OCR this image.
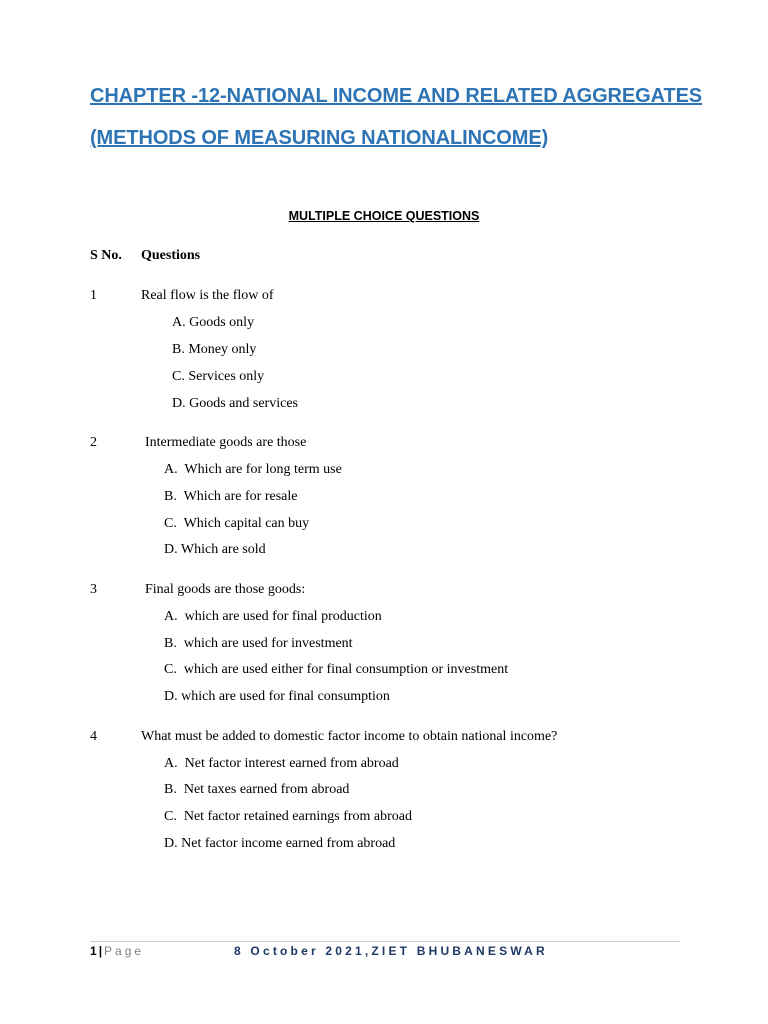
CHAPTER -12-NATIONAL INCOME AND RELATED AGGREGATES
(METHODS OF MEASURING NATIONALINCOME)
MULTIPLE CHOICE QUESTIONS
S No. Questions
1	Real flow is the flow of
A. Goods only
B. Money only
C. Services only
D. Goods and services
2	Intermediate goods are those
A. Which are for long term use
B. Which are for resale
C. Which capital can buy
D. Which are sold
3	Final goods are those goods:
A. which are used for final production
B. which are used for investment
C. which are used either for final consumption or investment
D. which are used for final consumption
4	What must be added to domestic factor income to obtain national income?
A. Net factor interest earned from abroad
B. Net taxes earned from abroad
C. Net factor retained earnings from abroad
D. Net factor income earned from abroad
1 | Page	8 October 2021,ZIET BHUBANESWAR
